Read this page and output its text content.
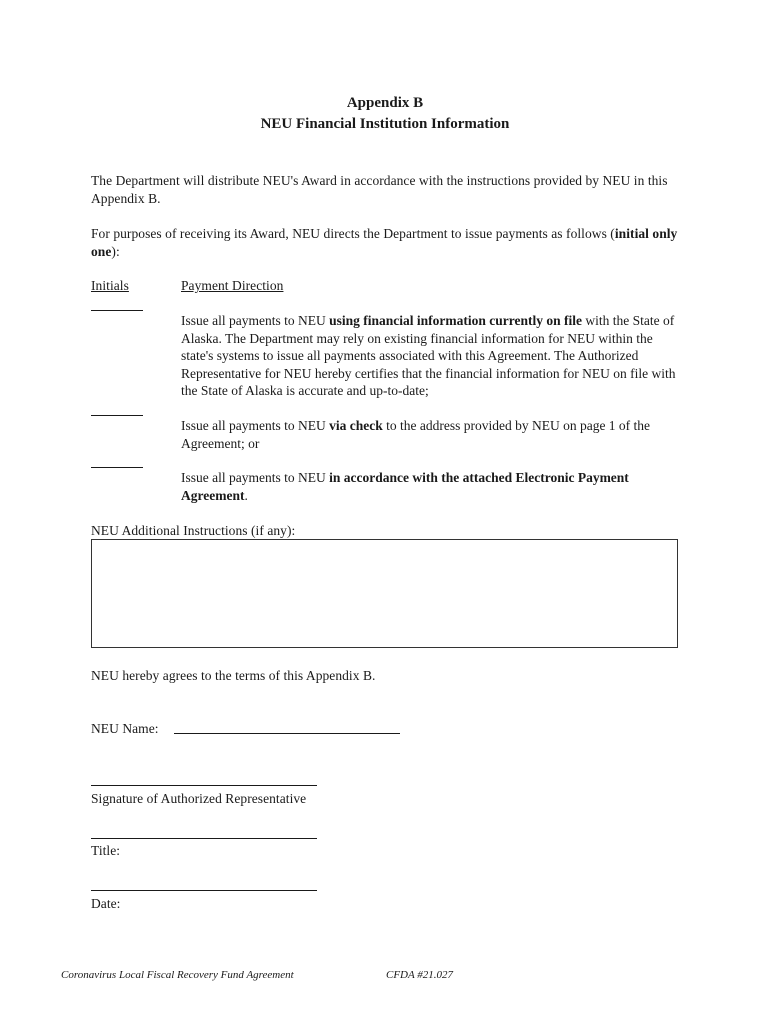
Appendix B
NEU Financial Institution Information
The Department will distribute NEU's Award in accordance with the instructions provided by NEU in this Appendix B.
For purposes of receiving its Award, NEU directs the Department to issue payments as follows (initial only one):
Initials	Payment Direction
Issue all payments to NEU using financial information currently on file with the State of Alaska. The Department may rely on existing financial information for NEU within the state's systems to issue all payments associated with this Agreement. The Authorized Representative for NEU hereby certifies that the financial information for NEU on file with the State of Alaska is accurate and up-to-date;
Issue all payments to NEU via check to the address provided by NEU on page 1 of the Agreement; or
Issue all payments to NEU in accordance with the attached Electronic Payment Agreement.
NEU Additional Instructions (if any):
NEU hereby agrees to the terms of this Appendix B.
NEU Name:
Signature of Authorized Representative
Title:
Date:
Coronavirus Local Fiscal Recovery Fund Agreement	CFDA #21.027
